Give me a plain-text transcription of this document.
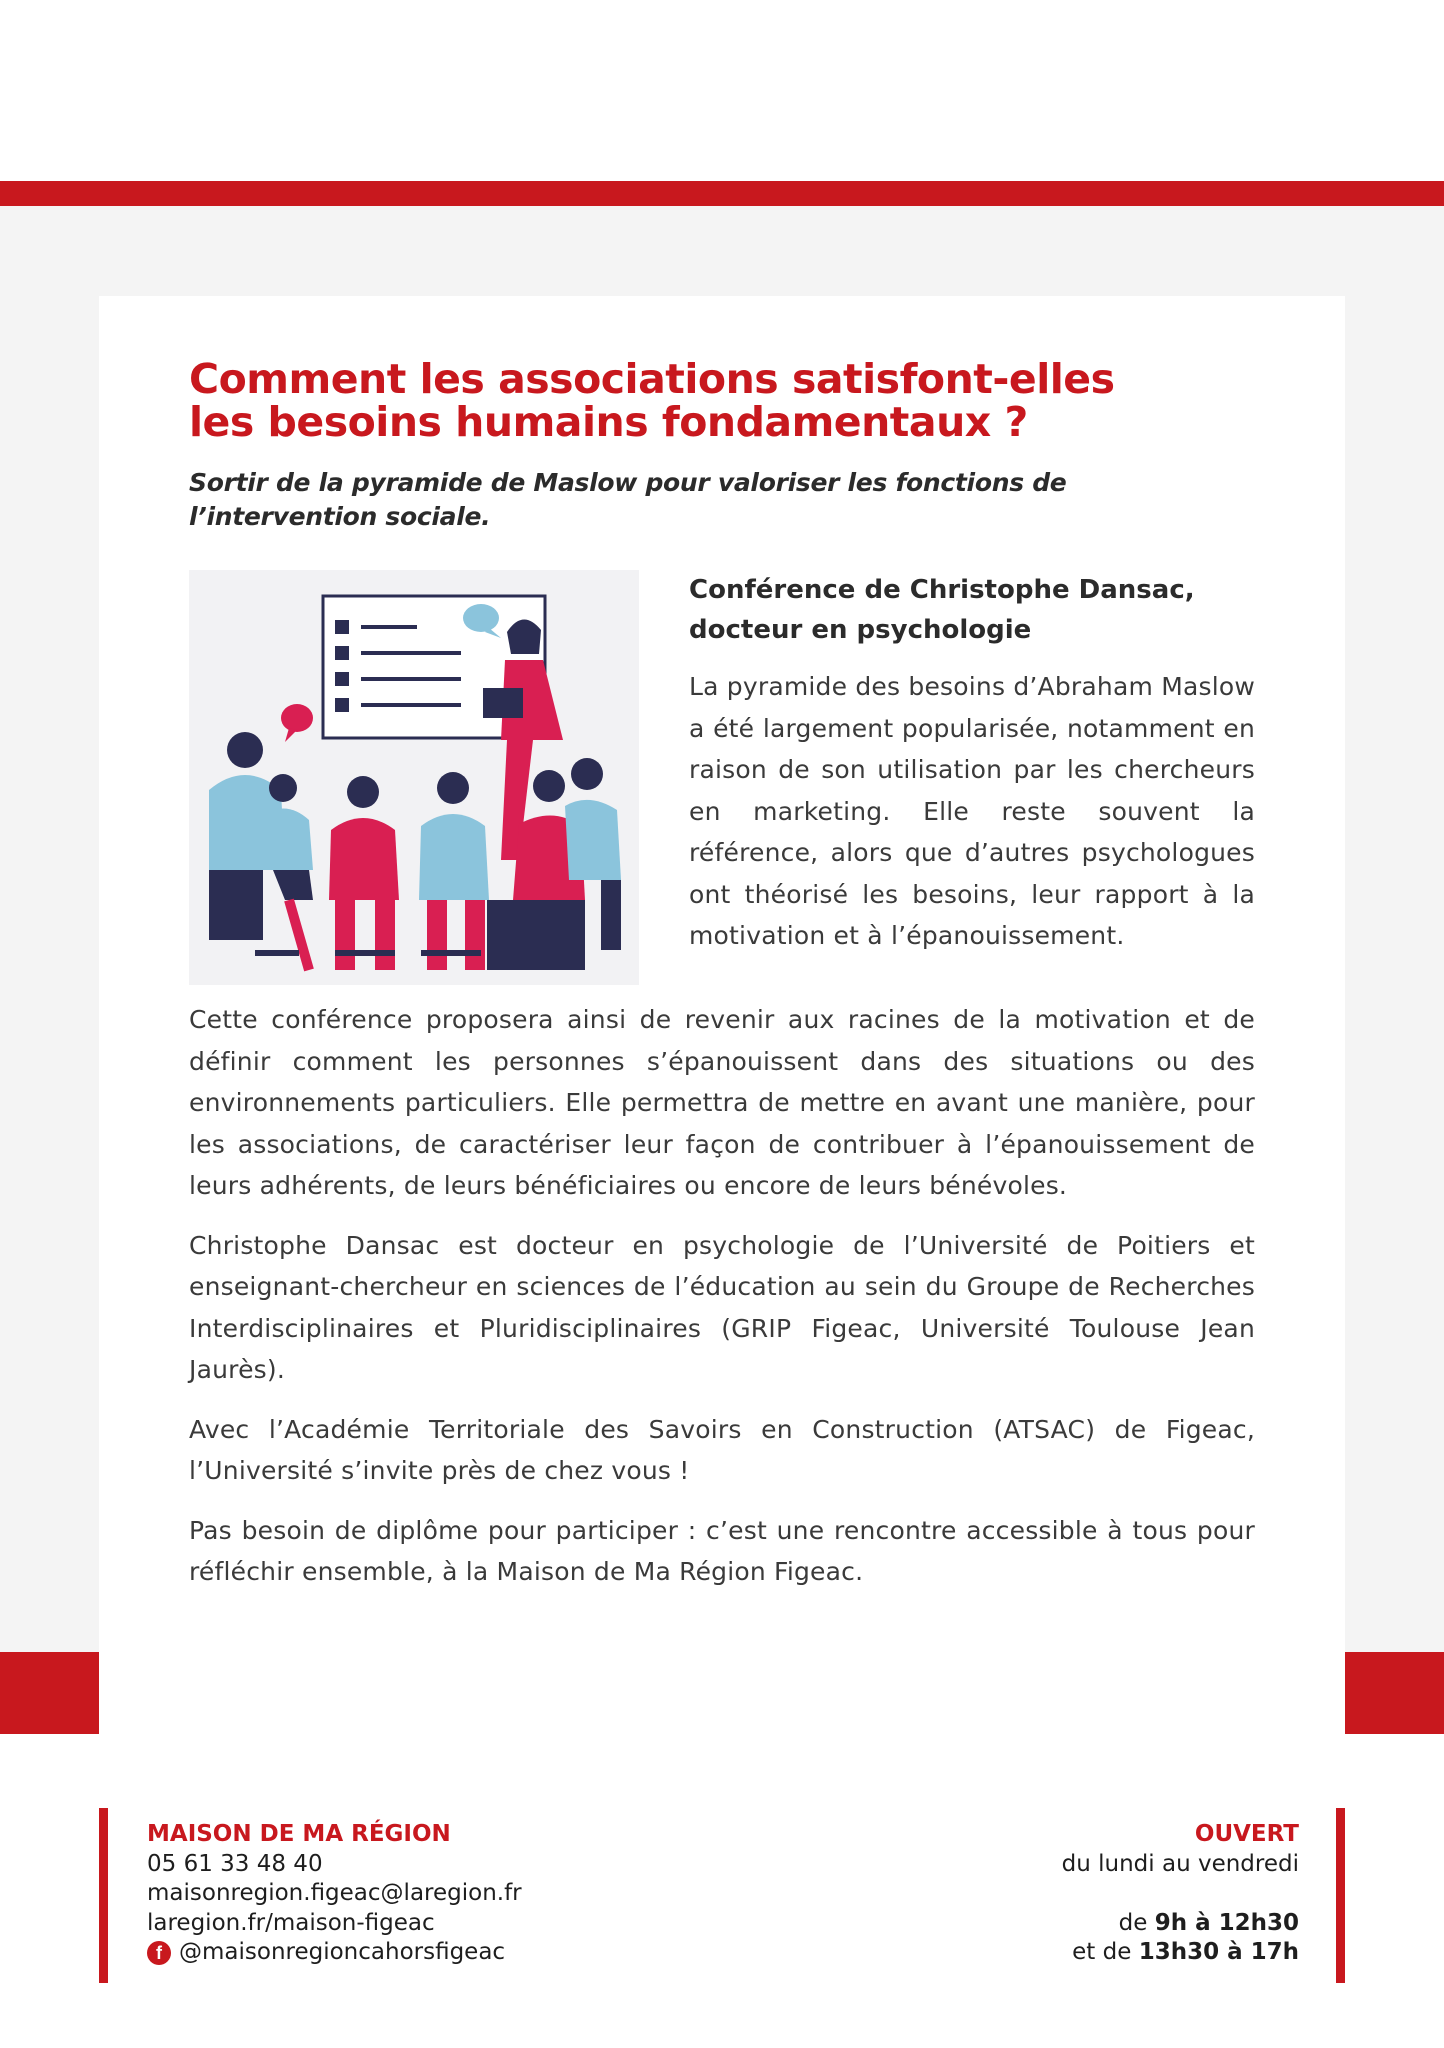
Comment les associations satisfont-elles
les besoins humains fondamentaux ?

Sortir de la pyramide de Maslow pour valoriser les fonctions de l’intervention sociale.

Conférence de Christophe Dansac,
docteur en psychologie

La pyramide des besoins d’Abraham Maslow a été largement popularisée, notamment en raison de son utilisation par les chercheurs en marketing. Elle reste souvent la référence, alors que d’autres psychologues ont théorisé les besoins, leur rapport à la motivation et à l’épanouissement.

Cette conférence proposera ainsi de revenir aux racines de la motivation et de définir comment les personnes s’épanouissent dans des situations ou des environnements particuliers. Elle permettra de mettre en avant une manière, pour les associations, de caractériser leur façon de contribuer à l’épanouissement de leurs adhérents, de leurs bénéficiaires ou encore de leurs bénévoles.

Christophe Dansac est docteur en psychologie de l’Université de Poitiers et enseignant-chercheur en sciences de l’éducation au sein du Groupe de Recherches Interdisciplinaires et Pluridisciplinaires (GRIP Figeac, Université Toulouse Jean Jaurès).

Avec l’Académie Territoriale des Savoirs en Construction (ATSAC) de Figeac, l’Université s’invite près de chez vous !

Pas besoin de diplôme pour participer : c’est une rencontre accessible à tous pour réfléchir ensemble, à la Maison de Ma Région Figeac.

MAISON DE MA RÉGION
05 61 33 48 40
maisonregion.figeac@laregion.fr
laregion.fr/maison-figeac
f @maisonregioncahorsfigeac
OUVERT
du lundi au vendredi
de 9h à 12h30
et de 13h30 à 17h
